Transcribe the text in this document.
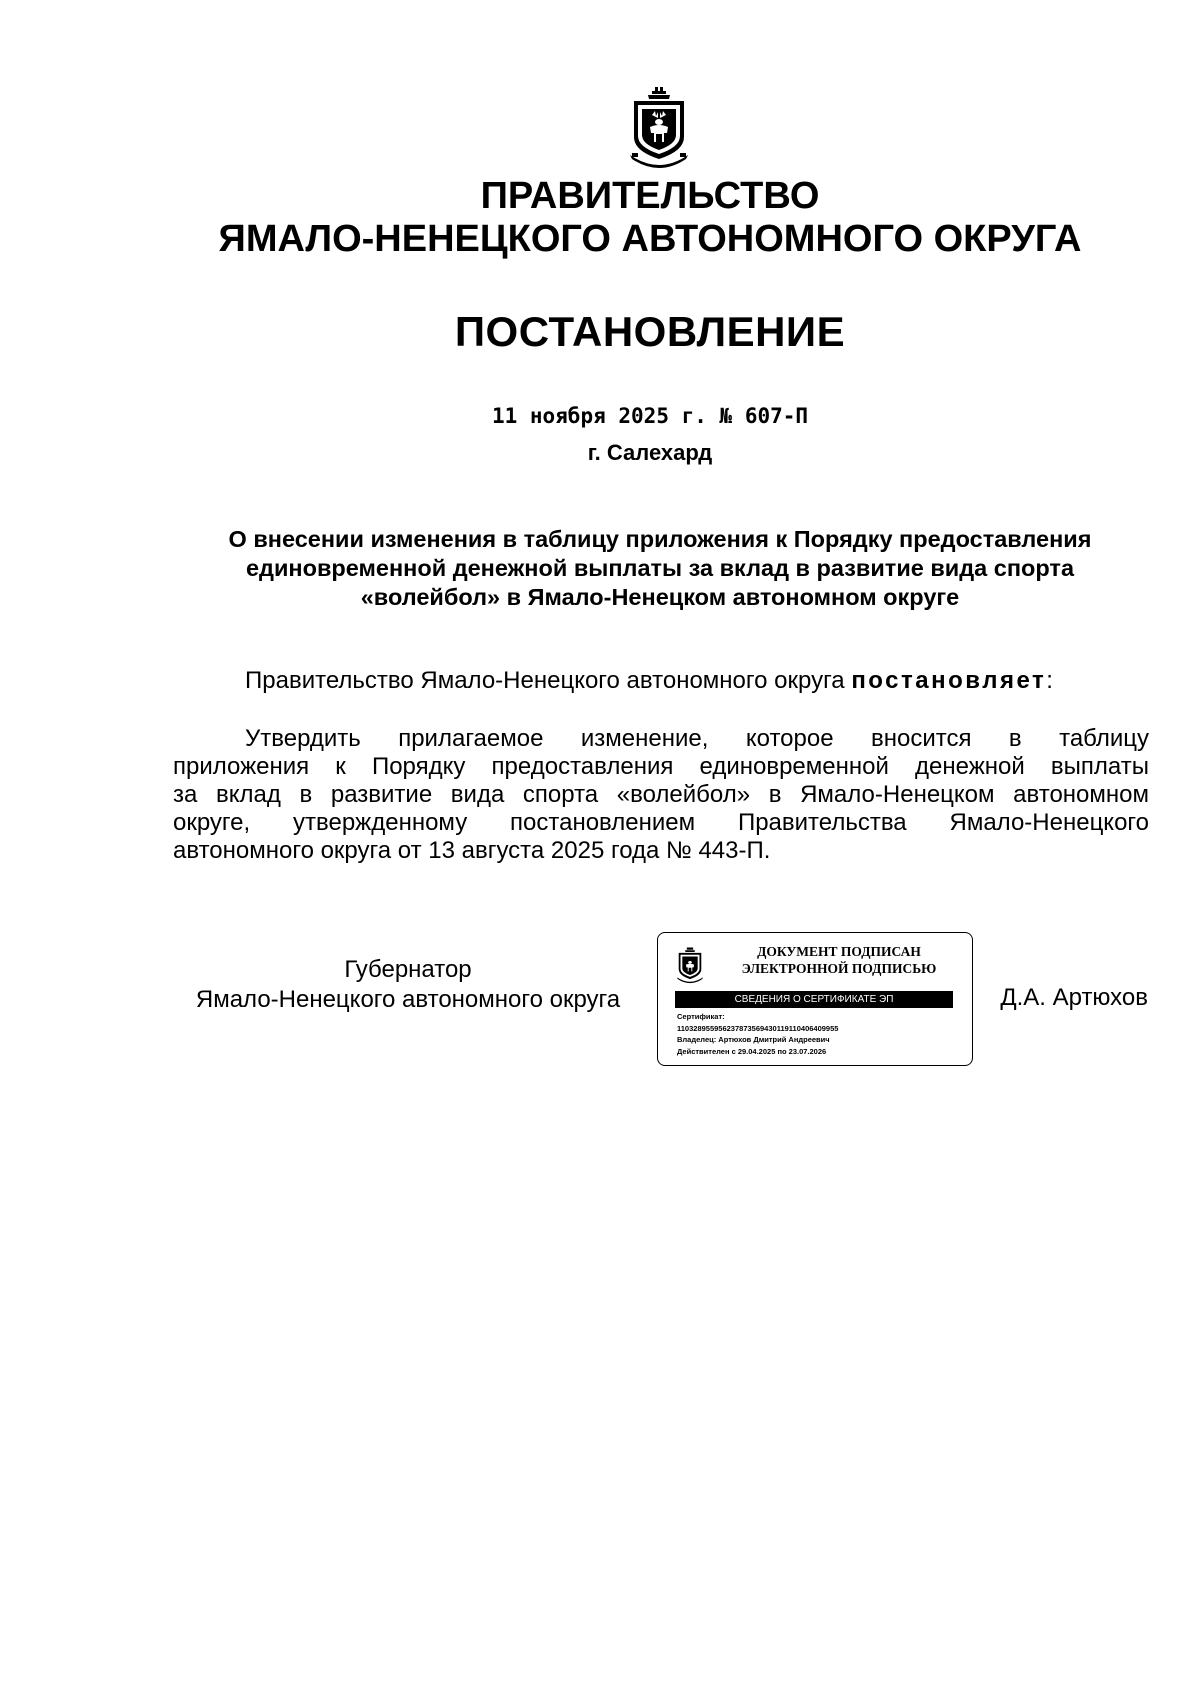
ПРАВИТЕЛЬСТВО
ЯМАЛО-НЕНЕЦКОГО АВТОНОМНОГО ОКРУГА
ПОСТАНОВЛЕНИЕ
11 ноября 2025 г. № 607-П
г. Салехард
О внесении изменения в таблицу приложения к Порядку предоставления
единовременной денежной выплаты за вклад в развитие вида спорта
«волейбол» в Ямало-Ненецком автономном округе
Правительство Ямало-Ненецкого автономного округа постановляет:
Утвердить прилагаемое изменение, которое вносится в таблицу
приложения к Порядку предоставления единовременной денежной выплаты
за вклад в развитие вида спорта «волейбол» в Ямало-Ненецком автономном
округе, утвержденному постановлением Правительства Ямало-Ненецкого
автономного округа от 13 августа 2025 года № 443-П.
Губернатор
Ямало-Ненецкого автономного округа
ДОКУМЕНТ ПОДПИСАН
ЭЛЕКТРОННОЙ ПОДПИСЬЮ
СВЕДЕНИЯ О СЕРТИФИКАТЕ ЭП
Сертификат:
110328955956237873569430119110406409955
Владелец: Артюхов Дмитрий Андреевич
Действителен с 29.04.2025 по 23.07.2026
Д.А. Артюхов
